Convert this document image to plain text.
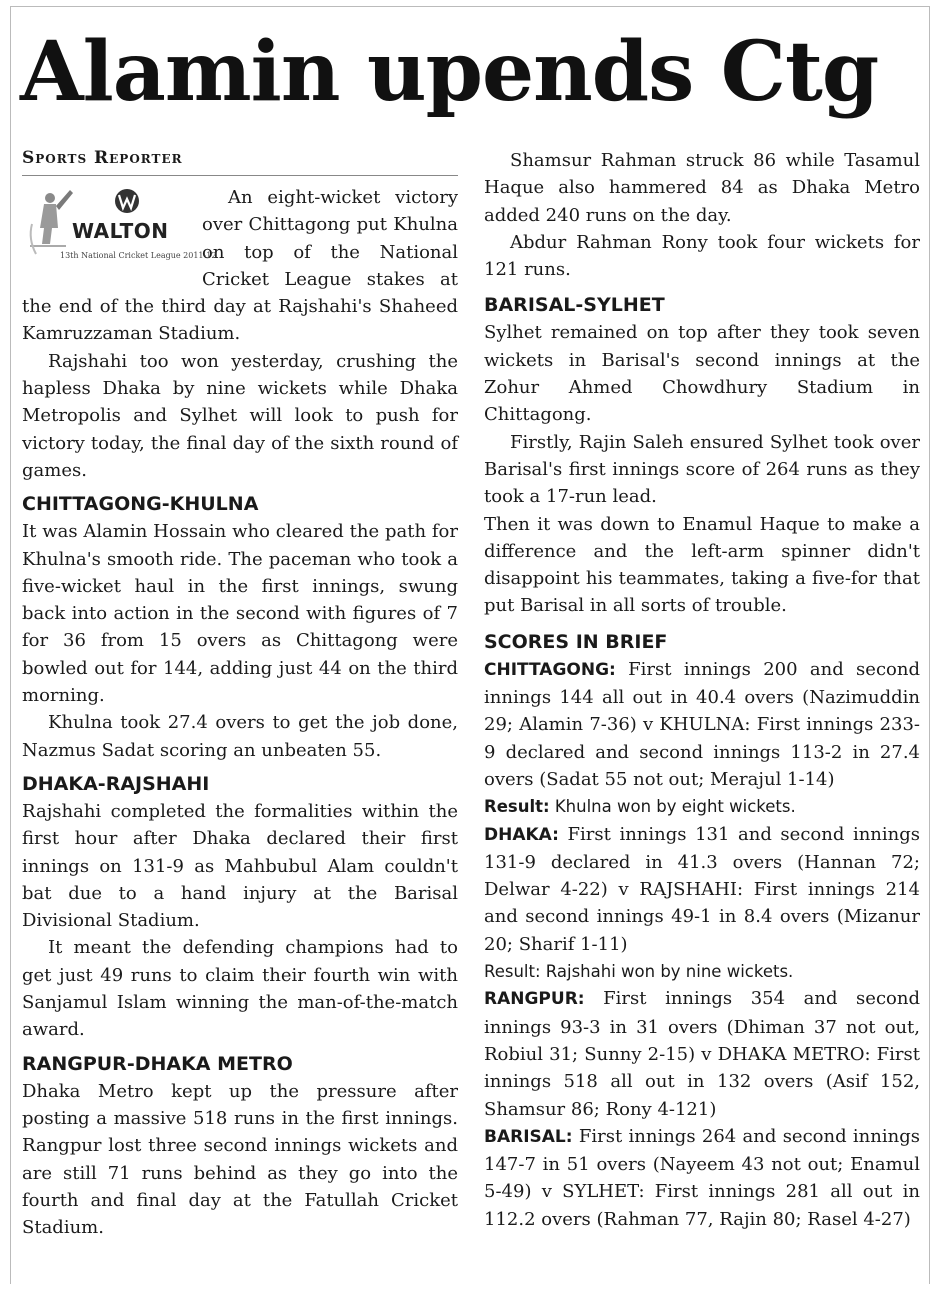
Alamin upends Ctg
Sports Reporter
WALTON
13th National Cricket League 2011-12

An eight-wicket victory over Chittagong put Khulna on top of the National Cricket League stakes at the end of the third day at Rajshahi's Shaheed Kamruzzaman Stadium.

Rajshahi too won yesterday, crushing the hapless Dhaka by nine wickets while Dhaka Metropolis and Sylhet will look to push for victory today, the final day of the sixth round of games.

CHITTAGONG-KHULNA

It was Alamin Hossain who cleared the path for Khulna's smooth ride. The paceman who took a five-wicket haul in the first innings, swung back into action in the second with figures of 7 for 36 from 15 overs as Chittagong were bowled out for 144, adding just 44 on the third morning.

Khulna took 27.4 overs to get the job done, Nazmus Sadat scoring an unbeaten 55.

DHAKA-RAJSHAHI

Rajshahi completed the formalities within the first hour after Dhaka declared their first innings on 131-9 as Mahbubul Alam couldn't bat due to a hand injury at the Barisal Divisional Stadium.

It meant the defending champions had to get just 49 runs to claim their fourth win with Sanjamul Islam winning the man-of-the-match award.

RANGPUR-DHAKA METRO

Dhaka Metro kept up the pressure after posting a massive 518 runs in the first innings. Rangpur lost three second innings wickets and are still 71 runs behind as they go into the fourth and final day at the Fatullah Cricket Stadium.

Shamsur Rahman struck 86 while Tasamul Haque also hammered 84 as Dhaka Metro added 240 runs on the day.

Abdur Rahman Rony took four wickets for 121 runs.

BARISAL-SYLHET

Sylhet remained on top after they took seven wickets in Barisal's second innings at the Zohur Ahmed Chowdhury Stadium in Chittagong.

Firstly, Rajin Saleh ensured Sylhet took over Barisal's first innings score of 264 runs as they took a 17-run lead.

Then it was down to Enamul Haque to make a difference and the left-arm spinner didn't disappoint his teammates, taking a five-for that put Barisal in all sorts of trouble.

SCORES IN BRIEF

CHITTAGONG: First innings 200 and second innings 144 all out in 40.4 overs (Nazimuddin 29; Alamin 7-36) v KHULNA: First innings 233-9 declared and second innings 113-2 in 27.4 overs (Sadat 55 not out; Merajul 1-14)

Result: Khulna won by eight wickets.

DHAKA: First innings 131 and second innings 131-9 declared in 41.3 overs (Hannan 72; Delwar 4-22) v RAJSHAHI: First innings 214 and second innings 49-1 in 8.4 overs (Mizanur 20; Sharif 1-11)

Result: Rajshahi won by nine wickets.

RANGPUR: First innings 354 and second innings 93-3 in 31 overs (Dhiman 37 not out, Robiul 31; Sunny 2-15) v DHAKA METRO: First innings 518 all out in 132 overs (Asif 152, Shamsur 86; Rony 4-121)

BARISAL: First innings 264 and second innings 147-7 in 51 overs (Nayeem 43 not out; Enamul 5-49) v SYLHET: First innings 281 all out in 112.2 overs (Rahman 77, Rajin 80; Rasel 4-27)
